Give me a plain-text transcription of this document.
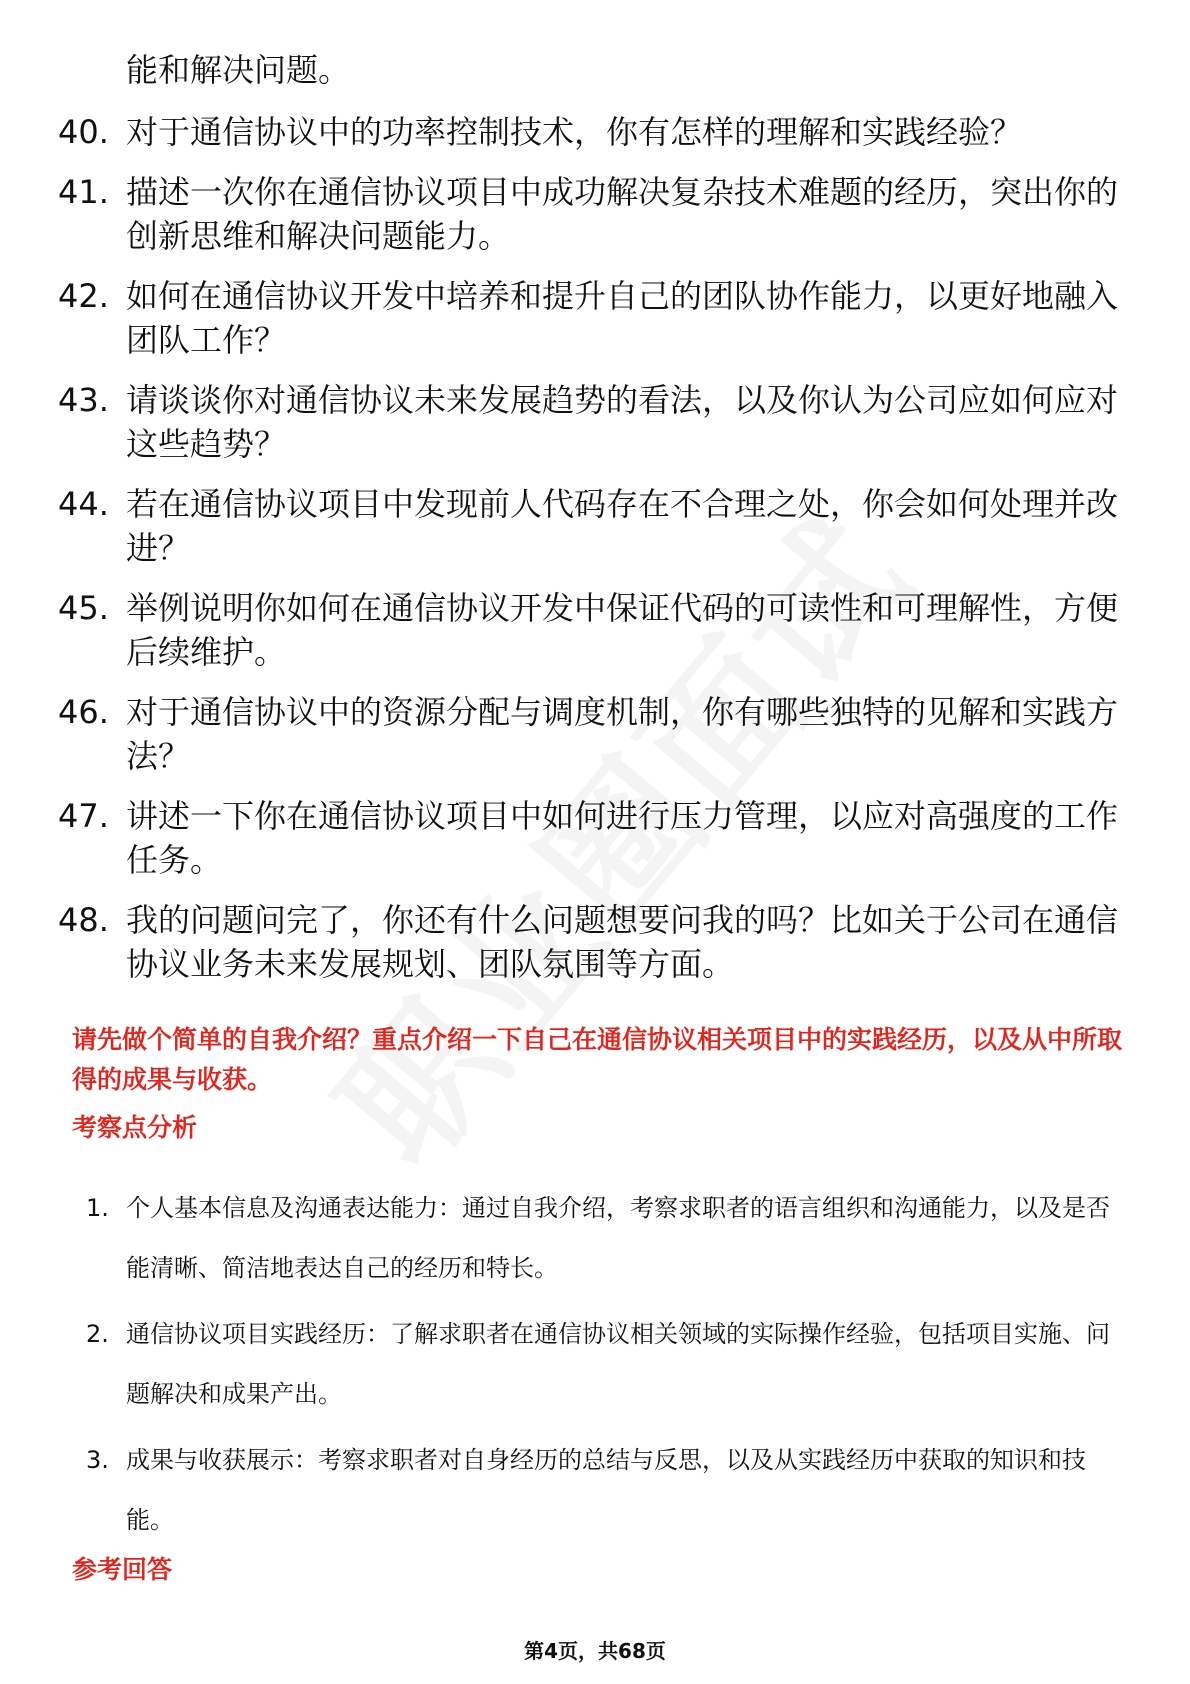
能和解决问题。
40. 对于通信协议中的功率控制技术，你有怎样的理解和实践经验？
41. 描述一次你在通信协议项目中成功解决复杂技术难题的经历，突出你的创新思维和解决问题能力。
42. 如何在通信协议开发中培养和提升自己的团队协作能力，以更好地融入团队工作？
43. 请谈谈你对通信协议未来发展趋势的看法，以及你认为公司应如何应对这些趋势？
44. 若在通信协议项目中发现前人代码存在不合理之处，你会如何处理并改进？
45. 举例说明你如何在通信协议开发中保证代码的可读性和可理解性，方便后续维护。
46. 对于通信协议中的资源分配与调度机制，你有哪些独特的见解和实践方法？
47. 讲述一下你在通信协议项目中如何进行压力管理，以应对高强度的工作任务。
48. 我的问题问完了，你还有什么问题想要问我的吗？比如关于公司在通信协议业务未来发展规划、团队氛围等方面。
请先做个简单的自我介绍？重点介绍一下自己在通信协议相关项目中的实践经历，以及从中所取得的成果与收获。
考察点分析
1. 个人基本信息及沟通表达能力：通过自我介绍，考察求职者的语言组织和沟通能力，以及是否能清晰、简洁地表达自己的经历和特长。
2. 通信协议项目实践经历：了解求职者在通信协议相关领域的实际操作经验，包括项目实施、问题解决和成果产出。
3. 成果与收获展示：考察求职者对自身经历的总结与反思，以及从实践经历中获取的知识和技能。
参考回答
第4页，共68页
